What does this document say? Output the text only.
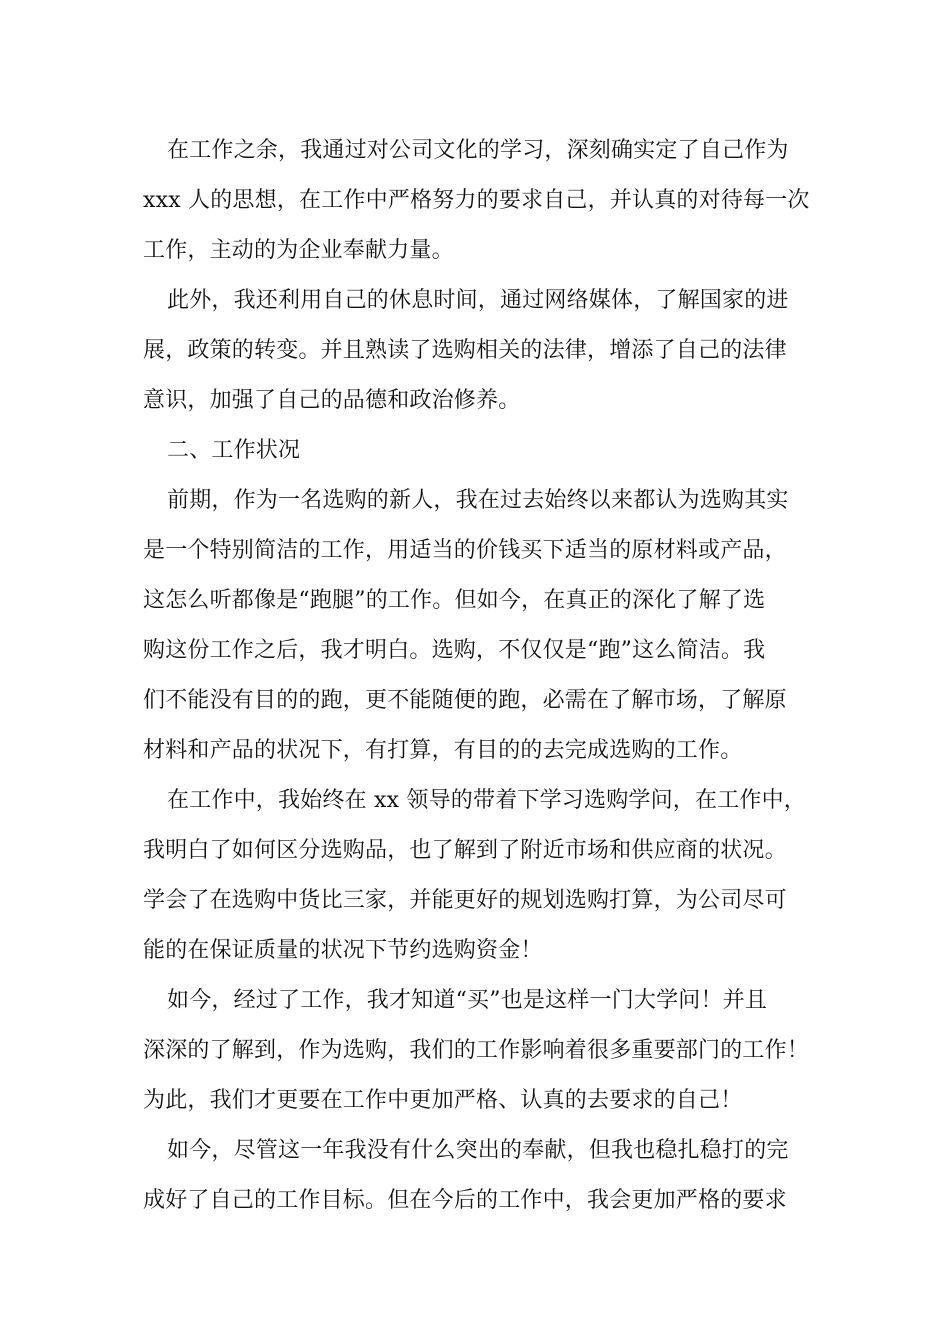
在工作之余，我通过对公司文化的学习，深刻确实定了自己作为
xxx 人的思想，在工作中严格努力的要求自己，并认真的对待每一次
工作，主动的为企业奉献力量。
此外，我还利用自己的休息时间，通过网络媒体，了解国家的进
展，政策的转变。并且熟读了选购相关的法律，增添了自己的法律
意识，加强了自己的品德和政治修养。
二、工作状况
前期，作为一名选购的新人，我在过去始终以来都认为选购其实
是一个特别简洁的工作，用适当的价钱买下适当的原材料或产品，
这怎么听都像是“跑腿”的工作。但如今，在真正的深化了解了选
购这份工作之后，我才明白。选购，不仅仅是“跑”这么简洁。我
们不能没有目的的跑，更不能随便的跑，必需在了解市场，了解原
材料和产品的状况下，有打算，有目的的去完成选购的工作。
在工作中，我始终在 xx 领导的带着下学习选购学问，在工作中，
我明白了如何区分选购品，也了解到了附近市场和供应商的状况。
学会了在选购中货比三家，并能更好的规划选购打算，为公司尽可
能的在保证质量的状况下节约选购资金！
如今，经过了工作，我才知道“买”也是这样一门大学问！并且
深深的了解到，作为选购，我们的工作影响着很多重要部门的工作！
为此，我们才更要在工作中更加严格、认真的去要求的自己！
如今，尽管这一年我没有什么突出的奉献，但我也稳扎稳打的完
成好了自己的工作目标。但在今后的工作中，我会更加严格的要求
